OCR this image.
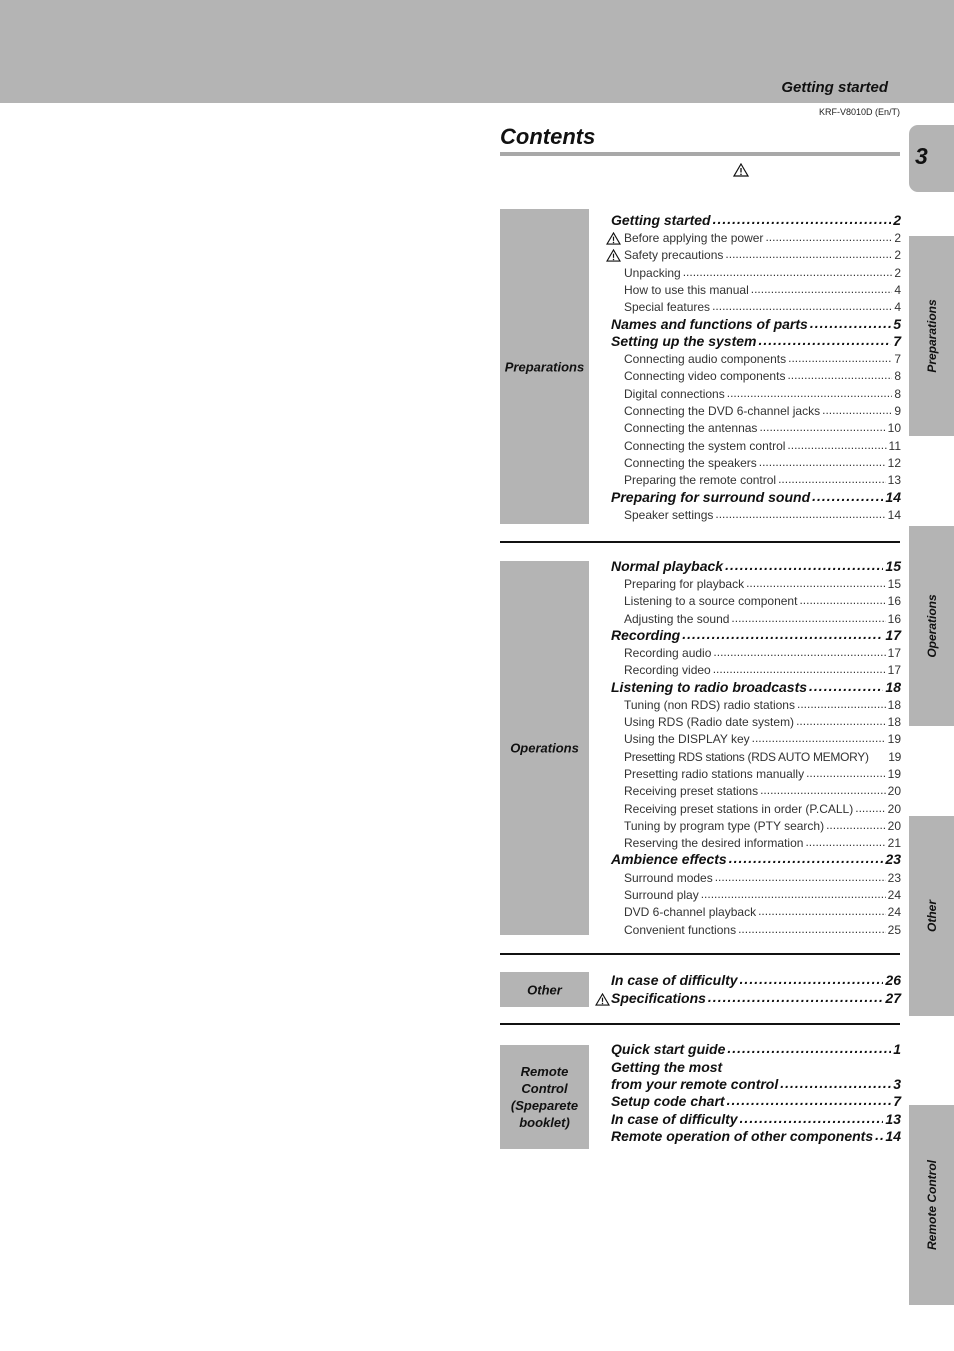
Getting started
KRF-V8010D (En/T)
3
Contents
Preparations
Operations
Other
Remote Control
Preparations
Operations
Other
Remote
Control
(Speparete
booklet)
Getting started .....	2
Before applying the power .....	2
Safety precautions .....	2
Unpacking .....	2
How to use this manual .....	4
Special features .....	4
Names and functions of parts .....	5
Setting up the system .....	7
Connecting audio components .....	7
Connecting video components .....	8
Digital connections .....	8
Connecting the DVD 6-channel jacks .....	9
Connecting the antennas .....	10
Connecting the system control .....	11
Connecting the speakers .....	12
Preparing the remote control .....	13
Preparing for surround sound .....	14
Speaker settings .....	14
Normal playback .....	15
Preparing for playback .....	15
Listening to a source component .....	16
Adjusting the sound .....	16
Recording .....	17
Recording audio .....	17
Recording video .....	17
Listening to radio broadcasts .....	18
Tuning (non RDS) radio stations .....	18
Using RDS (Radio date system) .....	18
Using the DISPLAY key .....	19
Presetting RDS stations (RDS AUTO MEMORY) 19
Presetting radio stations manually .....	19
Receiving preset stations .....	20
Receiving preset stations in order (P.CALL) .....	20
Tuning by program type (PTY search) .....	20
Reserving the desired information .....	21
Ambience effects .....	23
Surround modes .....	23
Surround play .....	24
DVD 6-channel playback .....	24
Convenient functions .....	25
In case of difficulty .....	26
Specifications .....	27
Quick start guide .....	1
Getting the most
from your remote control .....	3
Setup code chart .....	7
In case of difficulty .....	13
Remote operation of other components ..... 14
